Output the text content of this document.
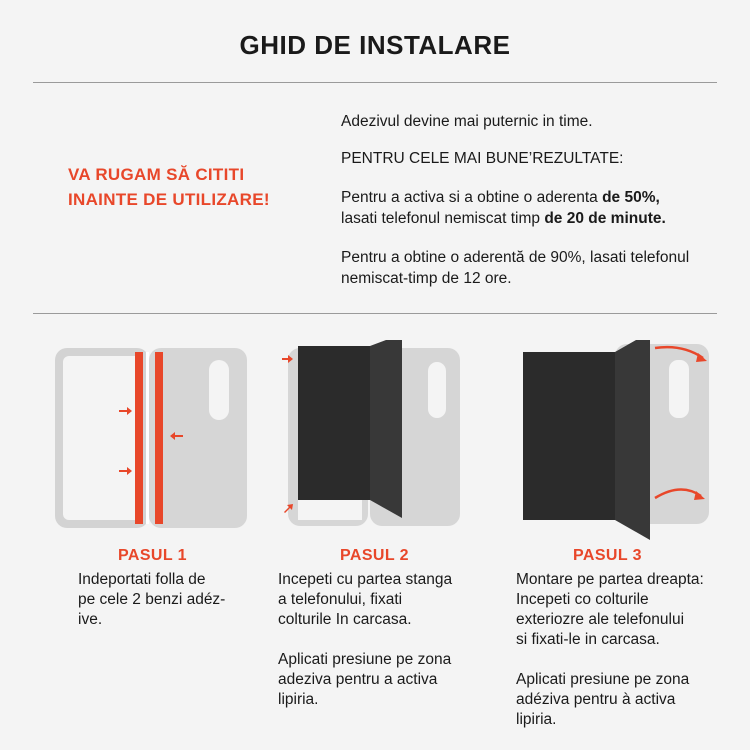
GHID DE INSTALARE
VA RUGAM SĂ CITITI
INAINTE DE UTILIZARE!

Adezivul devine mai puternic in time.

PENTRU CELE MAI BUNE’REZULTATE:

Pentru a activa si a obtine o aderenta de 50%,
lasati telefonul nemiscat timp de 20 de minute.

Pentru a obtine o aderentă de 90%, lasati telefonul nemiscat-timp de 12 ore.

PASUL 1
Indeportati folla de
pe cele 2 benzi adéz-
ive.
PASUL 2
Incepeti cu partea stanga
a telefonului, fixati
colturile In carcasa.

Aplicati presiune pe zona
adeziva pentru a activa
lipiria.
PASUL 3
Montare pe partea dreapta:
Incepeti co colturile
exteriozre ale telefonului
si fixati-le in carcasa.

Aplicati presiune pe zona
adéziva pentru à activa
lipiria.
